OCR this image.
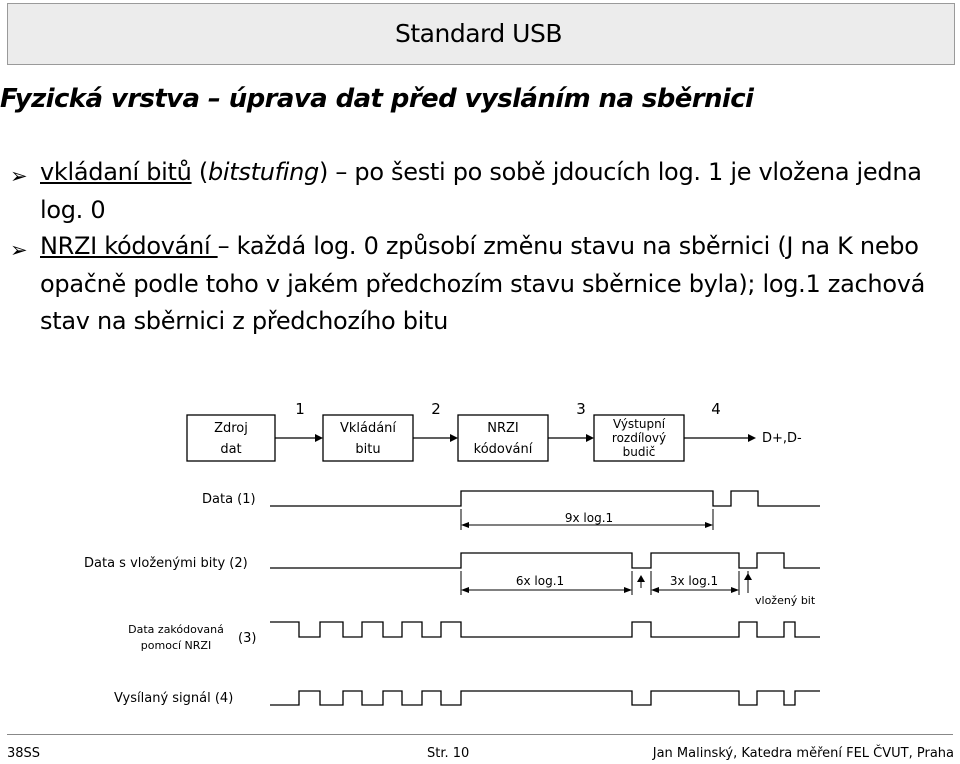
Standard USB
Fyzická vrstva – úprava dat před vysláním na sběrnici
➢ vkládaní bitů (bitstufing) – po šesti po sobě jdoucích log. 1 je vložena jedna log. 0
➢ NRZI kódování – každá log. 0 způsobí změnu stavu na sběrnici (J na K nebo opačně podle toho v jakém předchozím stavu sběrnice byla); log.1 zachová stav na sběrnici z předchozího bitu
Zdroj
dat
Vkládání
bitu
NRZI
kódování
Výstupní
rozdílový
budič
1	2	3	4
D+,D-
Data (1)
Data s vloženými bity (2)
Data zakódovaná
pomocí NRZI (3)
Vysílaný signál (4)
9x log.1
6x log.1	3x log.1
vložený bit
38SS	Str. 10	Jan Malinský, Katedra měření FEL ČVUT, Praha
